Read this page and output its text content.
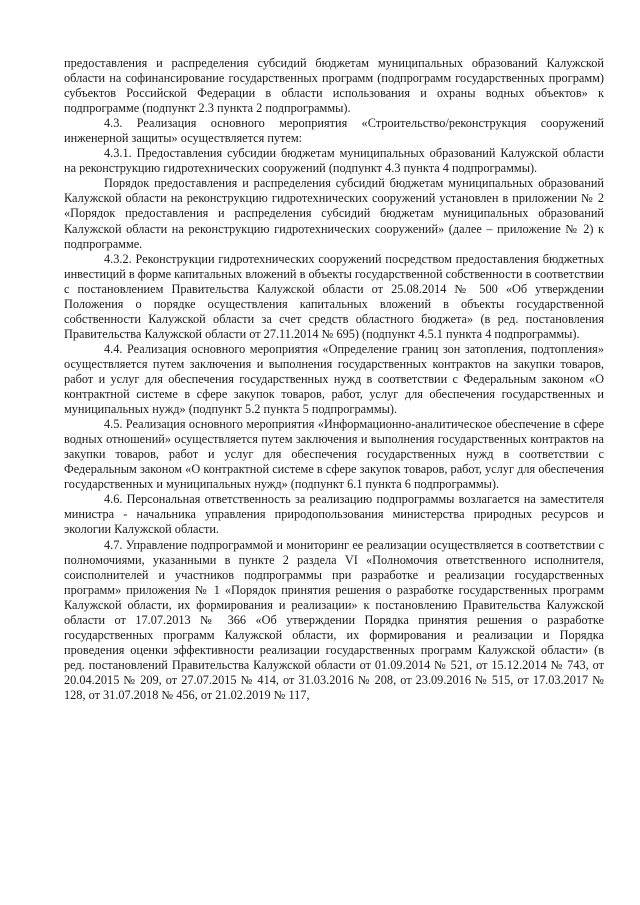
предоставления и распределения субсидий бюджетам муниципальных образований Калужской области на софинансирование государственных программ (подпрограмм государственных программ) субъектов Российской Федерации в области использования и охраны водных объектов» к подпрограмме (подпункт 2.3 пункта 2 подпрограммы).

4.3. Реализация основного мероприятия «Строительство/реконструкция сооружений инженерной защиты» осуществляется путем:

4.3.1. Предоставления субсидии бюджетам муниципальных образований Калужской области на реконструкцию гидротехнических сооружений (подпункт 4.3 пункта 4 подпрограммы).

Порядок предоставления и распределения субсидий бюджетам муниципальных образований Калужской области на реконструкцию гидротехнических сооружений установлен в приложении № 2 «Порядок предоставления и распределения субсидий бюджетам муниципальных образований Калужской области на реконструкцию гидротехнических сооружений» (далее – приложение № 2) к подпрограмме.

4.3.2. Реконструкции гидротехнических сооружений посредством предоставления бюджетных инвестиций в форме капитальных вложений в объекты государственной собственности в соответствии с постановлением Правительства Калужской области от 25.08.2014 № 500 «Об утверждении Положения о порядке осуществления капитальных вложений в объекты государственной собственности Калужской области за счет средств областного бюджета» (в ред. постановления Правительства Калужской области от 27.11.2014 № 695) (подпункт 4.5.1 пункта 4 подпрограммы).

4.4. Реализация основного мероприятия «Определение границ зон затопления, подтопления» осуществляется путем заключения и выполнения государственных контрактов на закупки товаров, работ и услуг для обеспечения государственных нужд в соответствии с Федеральным законом «О контрактной системе в сфере закупок товаров, работ, услуг для обеспечения государственных и муниципальных нужд» (подпункт 5.2 пункта 5 подпрограммы).

4.5. Реализация основного мероприятия «Информационно-аналитическое обеспечение в сфере водных отношений» осуществляется путем заключения и выполнения государственных контрактов на закупки товаров, работ и услуг для обеспечения государственных нужд в соответствии с Федеральным законом «О контрактной системе в сфере закупок товаров, работ, услуг для обеспечения государственных и муниципальных нужд» (подпункт 6.1 пункта 6 подпрограммы).

4.6. Персональная ответственность за реализацию подпрограммы возлагается на заместителя министра - начальника управления природопользования министерства природных ресурсов и экологии Калужской области.

4.7. Управление подпрограммой и мониторинг ее реализации осуществляется в соответствии с полномочиями, указанными в пункте 2 раздела VI «Полномочия ответственного исполнителя, соисполнителей и участников подпрограммы при разработке и реализации государственных программ» приложения № 1 «Порядок принятия решения о разработке государственных программ Калужской области, их формирования и реализации» к постановлению Правительства Калужской области от 17.07.2013 № 366 «Об утверждении Порядка принятия решения о разработке государственных программ Калужской области, их формирования и реализации и Порядка проведения оценки эффективности реализации государственных программ Калужской области» (в ред. постановлений Правительства Калужской области от 01.09.2014 № 521, от 15.12.2014 № 743, от 20.04.2015 № 209, от 27.07.2015 № 414, от 31.03.2016 № 208, от 23.09.2016 № 515, от 17.03.2017 № 128, от 31.07.2018 № 456, от 21.02.2019 № 117,
